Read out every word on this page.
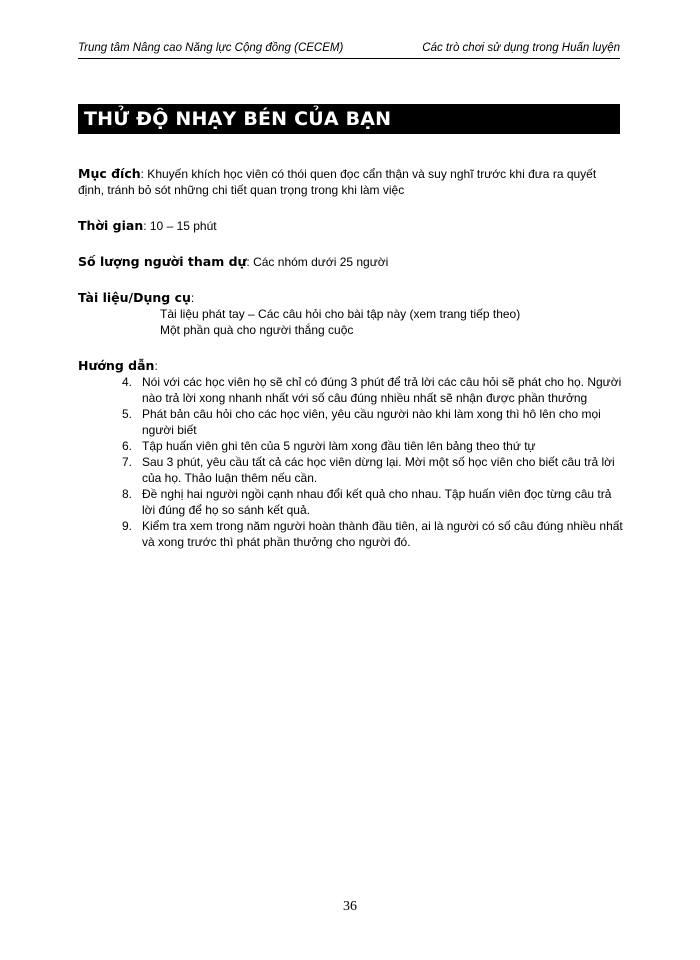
Trung tâm Nâng cao Năng lực Cộng đồng (CECEM)	Các trò chơi sử dụng trong Huấn luyện
THỬ ĐỘ NHẠY BÉN CỦA BẠN

Mục đích: Khuyến khích học viên có thói quen đọc cẩn thận và suy nghĩ trước khi đưa ra quyết định, tránh bỏ sót những chi tiết quan trọng trong khi làm việc

Thời gian: 10 – 15 phút

Số lượng người tham dự: Các nhóm dưới 25 người

Tài liệu/Dụng cụ:
Tài liệu phát tay – Các câu hỏi cho bài tập này (xem trang tiếp theo)
Một phần quà cho người thắng cuộc
Hướng dẫn:
4. Nói với các học viên họ sẽ chỉ có đúng 3 phút để trả lời các câu hỏi sẽ phát cho họ. Người nào trả lời xong nhanh nhất với số câu đúng nhiều nhất sẽ nhận được phần thưởng
5. Phát bản câu hỏi cho các học viên, yêu cầu người nào khi làm xong thì hô lên cho mọi người biết
6. Tập huấn viên ghi tên của 5 người làm xong đầu tiên lên bảng theo thứ tự
7. Sau 3 phút, yêu cầu tất cả các học viên dừng lại. Mời một số học viên cho biết câu trả lời của họ. Thảo luận thêm nếu cần.
8. Đề nghị hai người ngồi cạnh nhau đổi kết quả cho nhau. Tập huấn viên đọc từng câu trả lời đúng để họ so sánh kết quả.
9. Kiểm tra xem trong năm người hoàn thành đầu tiên, ai là người có số câu đúng nhiều nhất và xong trước thì phát phần thưởng cho người đó.
36
